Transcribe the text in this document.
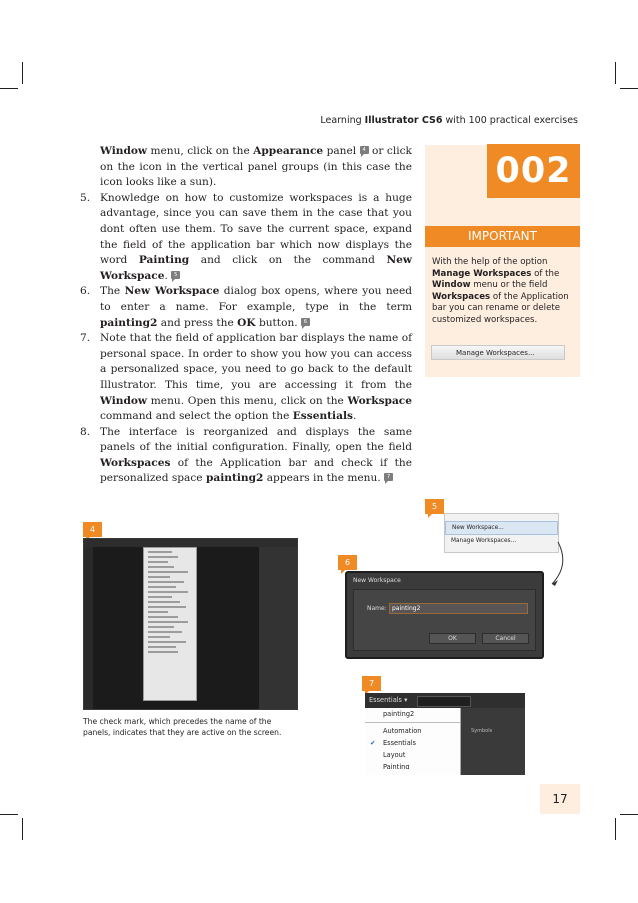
Learning Illustrator CS6 with 100 practical exercises

Window menu, click on the Appearance panel 4 or click on the icon in the vertical panel groups (in this case the icon looks like a sun).

5. Knowledge on how to customize workspaces is a huge advantage, since you can save them in the case that you dont often use them. To save the current space, expand the field of the application bar which now displays the word Painting and click on the command New Workspace. 5

6. The New Workspace dialog box opens, where you need to enter a name. For example, type in the term painting2 and press the OK button. 6

7. Note that the field of application bar displays the name of personal space. In order to show you how you can access a personalized space, you need to go back to the default Illustrator. This time, you are accessing it from the Window menu. Open this menu, click on the Workspace command and select the option the Essentials.

8. The interface is reorganized and displays the same panels of the initial configuration. Finally, open the field Workspaces of the Application bar and check if the personalized space painting2 appears in the menu. 7

002
IMPORTANT
With the help of the option Manage Workspaces of the Window menu or the field Workspaces of the Application bar you can rename or delete customized workspaces.
Manage Workspaces...
4
The check mark, which precedes the name of the panels, indicates that they are active on the screen.
5
New Workspace...
Manage Workspaces...
6
New Workspace
Name: painting2
OK	Cancel
7
Essentials ▾
painting2
Automation
✔ Essentials
Layout
Painting
Symbols
17
